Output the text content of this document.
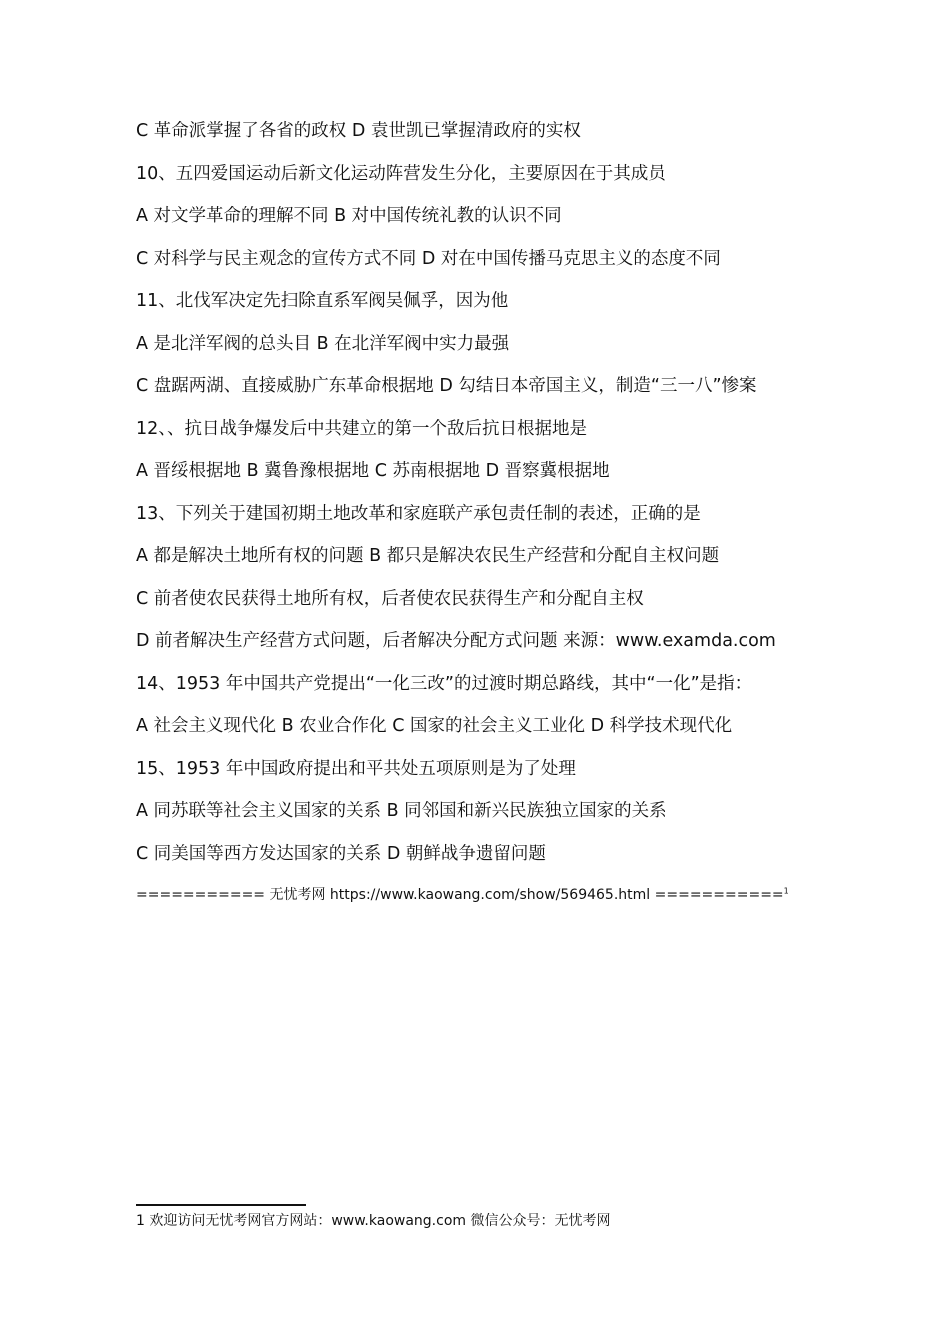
C 革命派掌握了各省的政权 D 袁世凯已掌握清政府的实权
10、五四爱国运动后新文化运动阵营发生分化，主要原因在于其成员
A 对文学革命的理解不同 B 对中国传统礼教的认识不同
C 对科学与民主观念的宣传方式不同 D 对在中国传播马克思主义的态度不同
11、北伐军决定先扫除直系军阀吴佩孚，因为他
A 是北洋军阀的总头目 B 在北洋军阀中实力最强
C 盘踞两湖、直接威胁广东革命根据地 D 勾结日本帝国主义，制造“三一八”惨案
12、、抗日战争爆发后中共建立的第一个敌后抗日根据地是
A 晋绥根据地 B 冀鲁豫根据地 C 苏南根据地 D 晋察冀根据地
13、下列关于建国初期土地改革和家庭联产承包责任制的表述，正确的是
A 都是解决土地所有权的问题 B 都只是解决农民生产经营和分配自主权问题
C 前者使农民获得土地所有权，后者使农民获得生产和分配自主权
D 前者解决生产经营方式问题，后者解决分配方式问题 来源：www.examda.com
14、1953 年中国共产党提出“一化三改”的过渡时期总路线，其中“一化”是指：
A 社会主义现代化 B 农业合作化 C 国家的社会主义工业化 D 科学技术现代化
15、1953 年中国政府提出和平共处五项原则是为了处理
A 同苏联等社会主义国家的关系 B 同邻国和新兴民族独立国家的关系
C 同美国等西方发达国家的关系 D 朝鲜战争遗留问题
=========== 无忧考网 https://www.kaowang.com/show/569465.html ===========$^1$
1 欢迎访问无忧考网官方网站：www.kaowang.com 微信公众号：无忧考网
